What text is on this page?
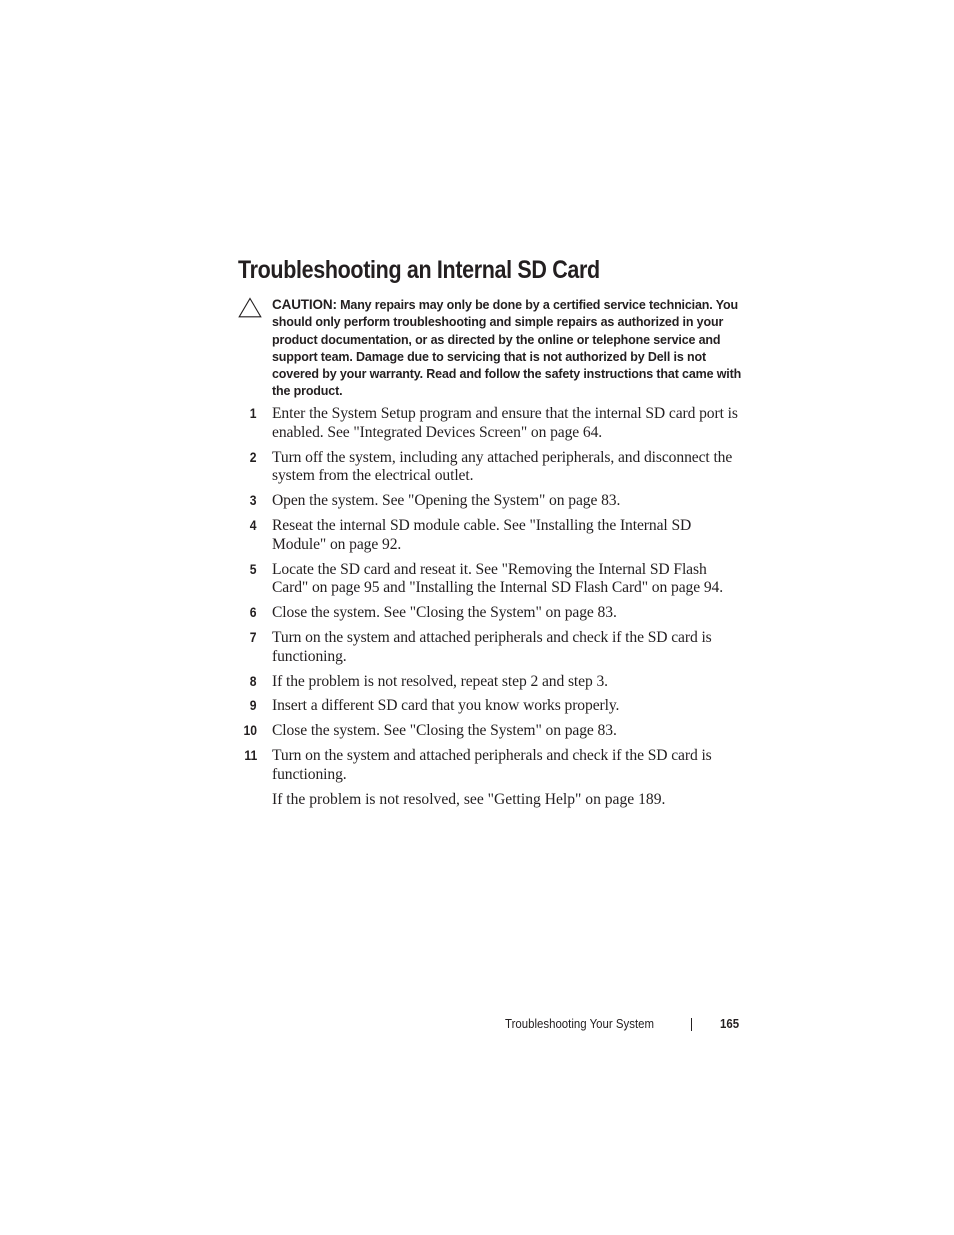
Troubleshooting an Internal SD Card
CAUTION: Many repairs may only be done by a certified service technician. You should only perform troubleshooting and simple repairs as authorized in your product documentation, or as directed by the online or telephone service and support team. Damage due to servicing that is not authorized by Dell is not covered by your warranty. Read and follow the safety instructions that came with the product.
1 Enter the System Setup program and ensure that the internal SD card port is enabled. See "Integrated Devices Screen" on page 64.
2 Turn off the system, including any attached peripherals, and disconnect the system from the electrical outlet.
3 Open the system. See "Opening the System" on page 83.
4 Reseat the internal SD module cable. See "Installing the Internal SD Module" on page 92.
5 Locate the SD card and reseat it. See "Removing the Internal SD Flash Card" on page 95 and "Installing the Internal SD Flash Card" on page 94.
6 Close the system. See "Closing the System" on page 83.
7 Turn on the system and attached peripherals and check if the SD card is functioning.
8 If the problem is not resolved, repeat step 2 and step 3.
9 Insert a different SD card that you know works properly.
10 Close the system. See "Closing the System" on page 83.
11 Turn on the system and attached peripherals and check if the SD card is functioning.
If the problem is not resolved, see "Getting Help" on page 189.
Troubleshooting Your System	165
